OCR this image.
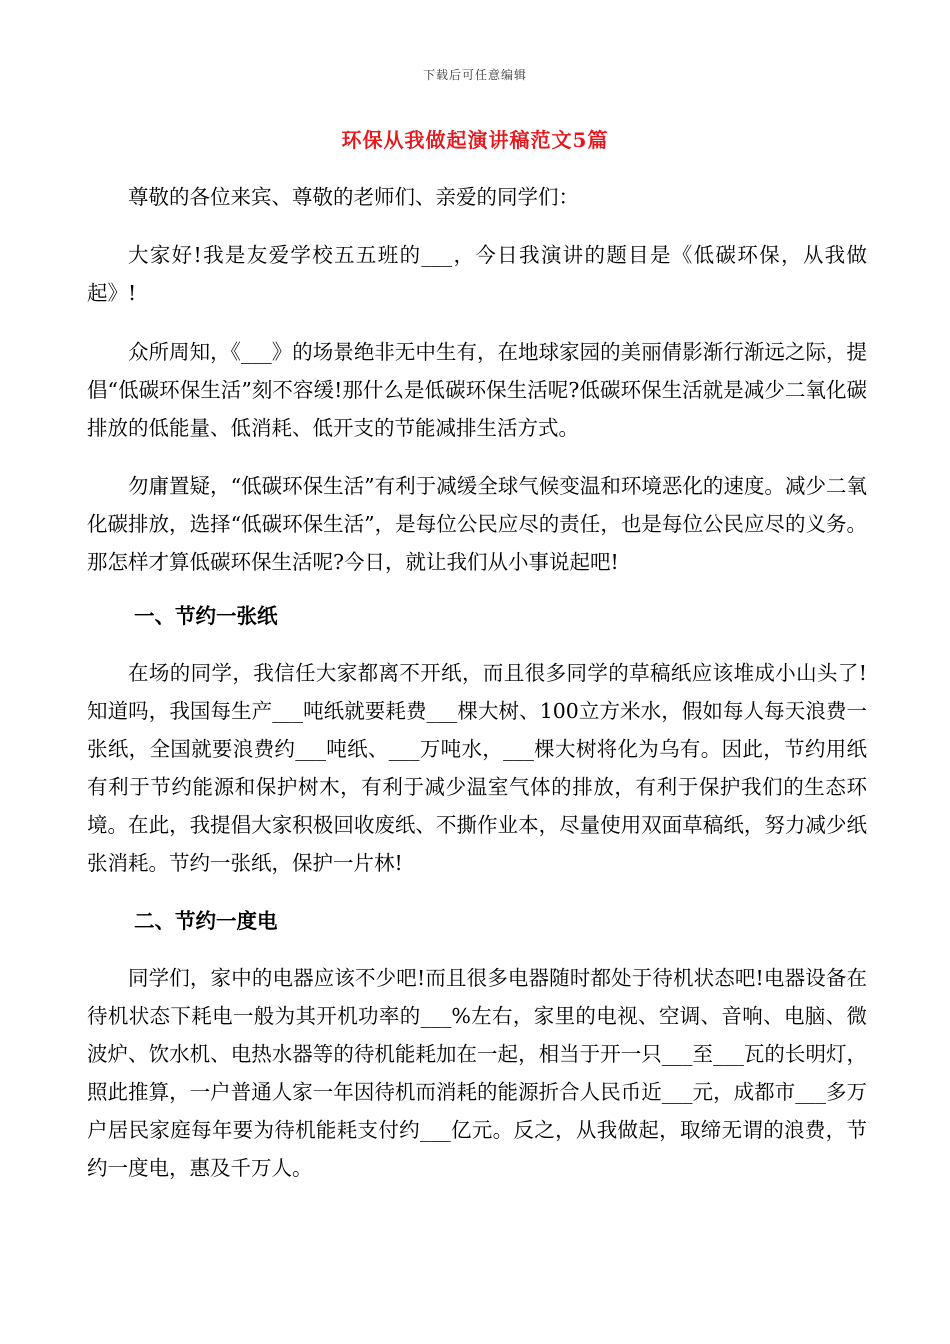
下载后可任意编辑
环保从我做起演讲稿范文5篇
尊敬的各位来宾、尊敬的老师们、亲爱的同学们：
大家好!我是友爱学校五五班的___，今日我演讲的题目是《低碳环保，从我做起》!
众所周知，《___》的场景绝非无中生有，在地球家园的美丽倩影渐行渐远之际，提倡“低碳环保生活”刻不容缓!那什么是低碳环保生活呢?低碳环保生活就是减少二氧化碳排放的低能量、低消耗、低开支的节能减排生活方式。
勿庸置疑，“低碳环保生活”有利于减缓全球气候变温和环境恶化的速度。减少二氧化碳排放，选择“低碳环保生活”，是每位公民应尽的责任，也是每位公民应尽的义务。那怎样才算低碳环保生活呢?今日，就让我们从小事说起吧!
一、节约一张纸
在场的同学，我信任大家都离不开纸，而且很多同学的草稿纸应该堆成小山头了!知道吗，我国每生产___吨纸就要耗费___棵大树、100立方米水，假如每人每天浪费一张纸，全国就要浪费约___吨纸、___万吨水，___棵大树将化为乌有。因此，节约用纸有利于节约能源和保护树木，有利于减少温室气体的排放，有利于保护我们的生态环境。在此，我提倡大家积极回收废纸、不撕作业本，尽量使用双面草稿纸，努力减少纸张消耗。节约一张纸，保护一片林!
二、节约一度电
同学们，家中的电器应该不少吧!而且很多电器随时都处于待机状态吧!电器设备在待机状态下耗电一般为其开机功率的___%左右，家里的电视、空调、音响、电脑、微波炉、饮水机、电热水器等的待机能耗加在一起，相当于开一只___至___瓦的长明灯，照此推算，一户普通人家一年因待机而消耗的能源折合人民币近___元，成都市___多万户居民家庭每年要为待机能耗支付约___亿元。反之，从我做起，取缔无谓的浪费，节约一度电，惠及千万人。
